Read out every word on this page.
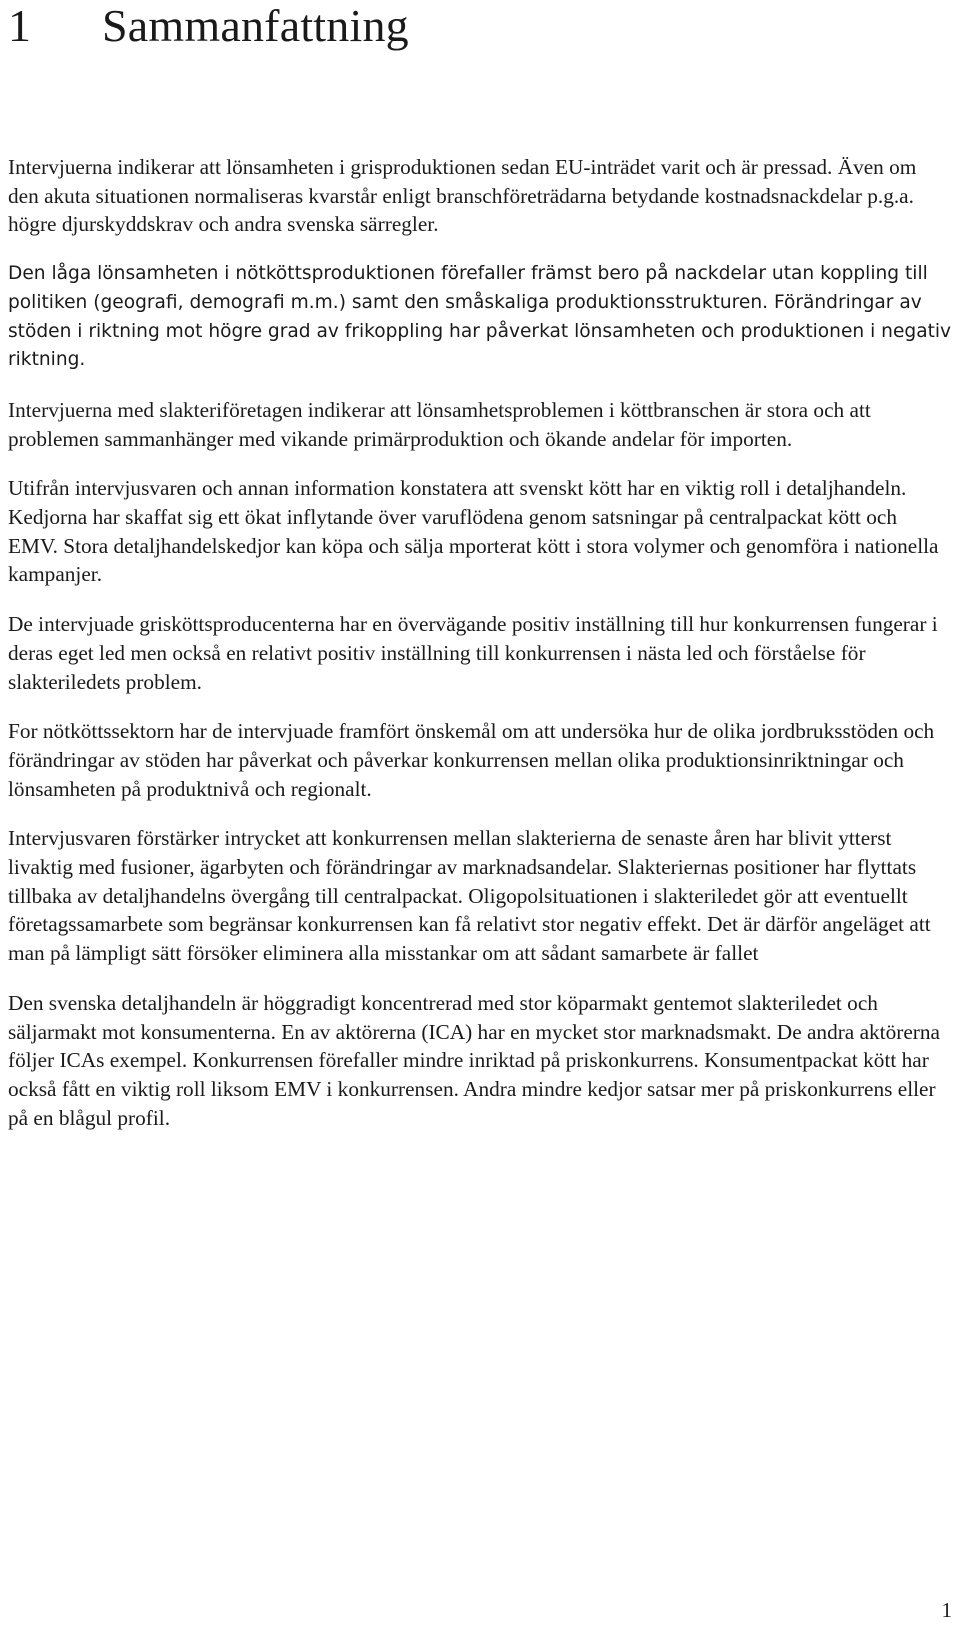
1 Sammanfattning

Intervjuerna indikerar att lönsamheten i grisproduktionen sedan EU-inträdet varit och är pressad. Även om den akuta situationen normaliseras kvarstår enligt branschföreträdarna betydande kostnadsnackdelar p.g.a. högre djurskyddskrav och andra svenska särregler.

Den låga lönsamheten i nötköttsproduktionen förefaller främst bero på nackdelar utan koppling till politiken (geografi, demografi m.m.) samt den småskaliga produktionsstrukturen. Förändringar av stöden i riktning mot högre grad av frikoppling har påverkat lönsamheten och produktionen i negativ riktning.

Intervjuerna med slakteriföretagen indikerar att lönsamhetsproblemen i köttbranschen är stora och att problemen sammanhänger med vikande primärproduktion och ökande andelar för importen.

Utifrån intervjusvaren och annan information konstatera att svenskt kött har en viktig roll i detaljhandeln. Kedjorna har skaffat sig ett ökat inflytande över varuflödena genom satsningar på centralpackat kött och EMV. Stora detaljhandelskedjor kan köpa och sälja mporterat kött i stora volymer och genomföra i nationella kampanjer.

De intervjuade grisköttsproducenterna har en övervägande positiv inställning till hur konkurrensen fungerar i deras eget led men också en relativt positiv inställning till konkurrensen i nästa led och förståelse för slakteriledets problem.

For nötköttssektorn har de intervjuade framfört önskemål om att undersöka hur de olika jordbruksstöden och förändringar av stöden har påverkat och påverkar konkurrensen mellan olika produktionsinriktningar och lönsamheten på produktnivå och regionalt.

Intervjusvaren förstärker intrycket att konkurrensen mellan slakterierna de senaste åren har blivit ytterst livaktig med fusioner, ägarbyten och förändringar av marknadsandelar. Slakteriernas positioner har flyttats tillbaka av detaljhandelns övergång till centralpackat. Oligopolsituationen i slakteriledet gör att eventuellt företagssamarbete som begränsar konkurrensen kan få relativt stor negativ effekt. Det är därför angeläget att man på lämpligt sätt försöker eliminera alla misstankar om att sådant samarbete är fallet

Den svenska detaljhandeln är höggradigt koncentrerad med stor köparmakt gentemot slakteriledet och säljarmakt mot konsumenterna. En av aktörerna (ICA) har en mycket stor marknadsmakt. De andra aktörerna följer ICAs exempel. Konkurrensen förefaller mindre inriktad på priskonkurrens. Konsumentpackat kött har också fått en viktig roll liksom EMV i konkurrensen. Andra mindre kedjor satsar mer på priskonkurrens eller på en blågul profil.

1
